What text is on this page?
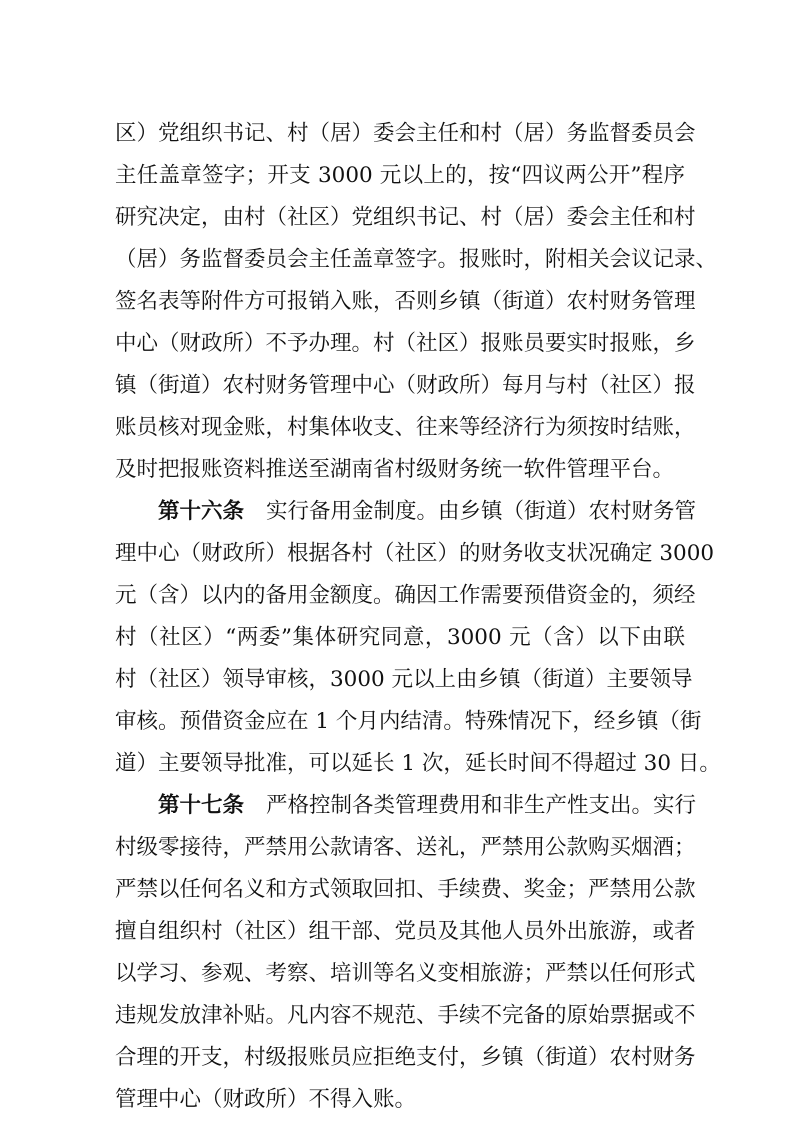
区）党组织书记、村（居）委会主任和村（居）务监督委员会
主任盖章签字；开支 3000 元以上的，按“四议两公开”程序
研究决定，由村（社区）党组织书记、村（居）委会主任和村
（居）务监督委员会主任盖章签字。报账时，附相关会议记录、
签名表等附件方可报销入账，否则乡镇（街道）农村财务管理
中心（财政所）不予办理。村（社区）报账员要实时报账，乡
镇（街道）农村财务管理中心（财政所）每月与村（社区）报
账员核对现金账，村集体收支、往来等经济行为须按时结账，
及时把报账资料推送至湖南省村级财务统一软件管理平台。
第十六条 实行备用金制度。由乡镇（街道）农村财务管
理中心（财政所）根据各村（社区）的财务收支状况确定 3000
元（含）以内的备用金额度。确因工作需要预借资金的，须经
村（社区）“两委”集体研究同意，3000 元（含）以下由联
村（社区）领导审核，3000 元以上由乡镇（街道）主要领导
审核。预借资金应在 1 个月内结清。特殊情况下，经乡镇（街
道）主要领导批准，可以延长 1 次，延长时间不得超过 30 日。
第十七条 严格控制各类管理费用和非生产性支出。实行
村级零接待，严禁用公款请客、送礼，严禁用公款购买烟酒；
严禁以任何名义和方式领取回扣、手续费、奖金；严禁用公款
擅自组织村（社区）组干部、党员及其他人员外出旅游，或者
以学习、参观、考察、培训等名义变相旅游；严禁以任何形式
违规发放津补贴。凡内容不规范、手续不完备的原始票据或不
合理的开支，村级报账员应拒绝支付，乡镇（街道）农村财务
管理中心（财政所）不得入账。
